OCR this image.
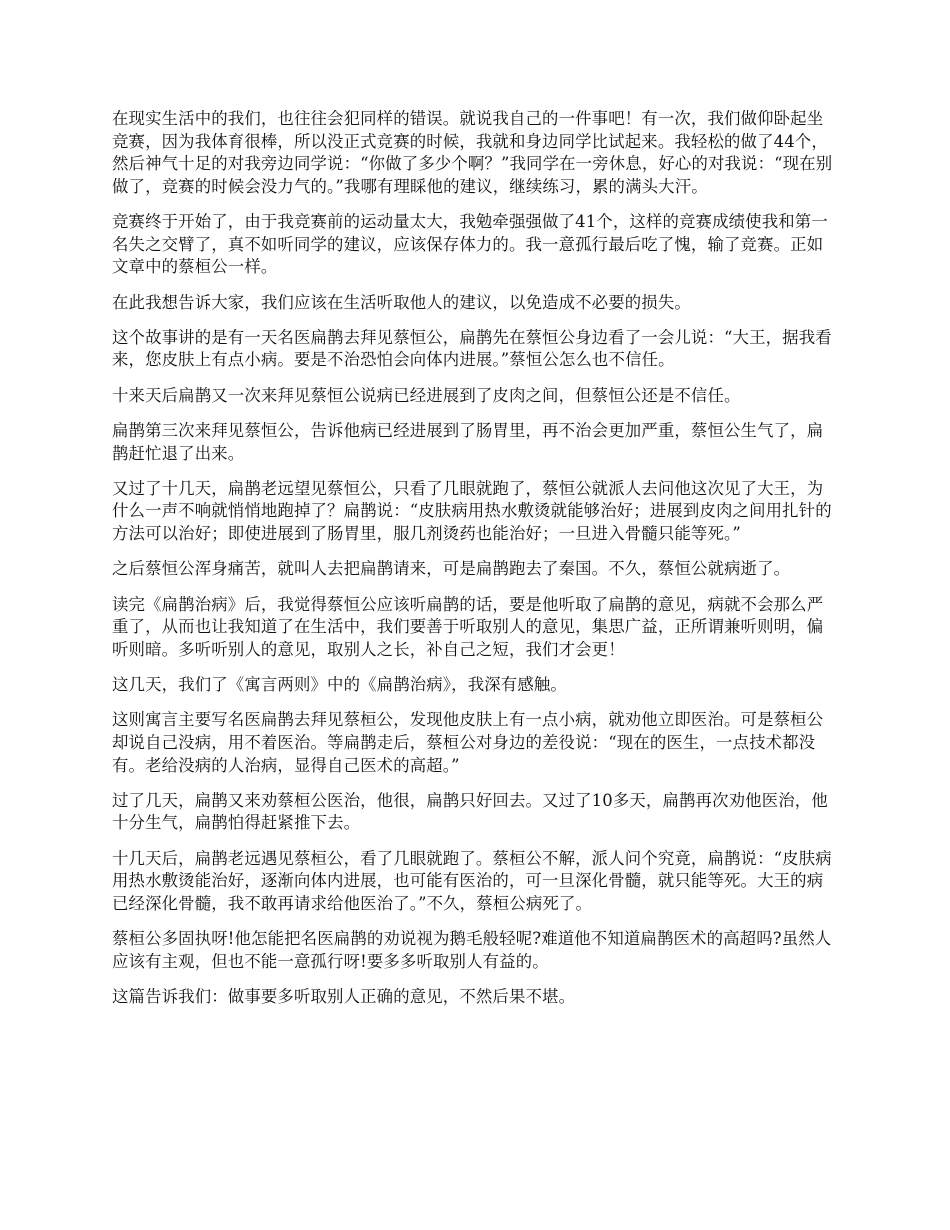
在现实生活中的我们，也往往会犯同样的错误。就说我自己的一件事吧！有一次，我们做仰卧起坐竞赛，因为我体育很棒，所以没正式竞赛的时候，我就和身边同学比试起来。我轻松的做了44个，然后神气十足的对我旁边同学说：“你做了多少个啊？”我同学在一旁休息，好心的对我说：“现在别做了，竞赛的时候会没力气的。”我哪有理睬他的建议，继续练习，累的满头大汗。

竞赛终于开始了，由于我竞赛前的运动量太大，我勉牵强强做了41个，这样的竞赛成绩使我和第一名失之交臂了，真不如听同学的建议，应该保存体力的。我一意孤行最后吃了愧，输了竞赛。正如文章中的蔡桓公一样。

在此我想告诉大家，我们应该在生活听取他人的建议，以免造成不必要的损失。

这个故事讲的是有一天名医扁鹊去拜见蔡恒公，扁鹊先在蔡恒公身边看了一会儿说：“大王，据我看来，您皮肤上有点小病。要是不治恐怕会向体内进展。”蔡恒公怎么也不信任。

十来天后扁鹊又一次来拜见蔡恒公说病已经进展到了皮肉之间，但蔡恒公还是不信任。

扁鹊第三次来拜见蔡恒公，告诉他病已经进展到了肠胃里，再不治会更加严重，蔡恒公生气了，扁鹊赶忙退了出来。

又过了十几天，扁鹊老远望见蔡恒公，只看了几眼就跑了，蔡恒公就派人去问他这次见了大王，为什么一声不响就悄悄地跑掉了？扁鹊说：“皮肤病用热水敷烫就能够治好；进展到皮肉之间用扎针的方法可以治好；即使进展到了肠胃里，服几剂烫药也能治好；一旦进入骨髓只能等死。”

之后蔡恒公浑身痛苦，就叫人去把扁鹊请来，可是扁鹊跑去了秦国。不久，蔡恒公就病逝了。

读完《扁鹊治病》后，我觉得蔡恒公应该听扁鹊的话，要是他听取了扁鹊的意见，病就不会那么严重了，从而也让我知道了在生活中，我们要善于听取别人的意见，集思广益，正所谓兼听则明，偏听则暗。多听听别人的意见，取别人之长，补自己之短，我们才会更！

这几天，我们了《寓言两则》中的《扁鹊治病》，我深有感触。

这则寓言主要写名医扁鹊去拜见蔡桓公，发现他皮肤上有一点小病，就劝他立即医治。可是蔡桓公却说自己没病，用不着医治。等扁鹊走后，蔡桓公对身边的差役说：“现在的医生，一点技术都没有。老给没病的人治病，显得自己医术的高超。”

过了几天，扁鹊又来劝蔡桓公医治，他很，扁鹊只好回去。又过了10多天，扁鹊再次劝他医治，他十分生气，扁鹊怕得赶紧推下去。

十几天后，扁鹊老远遇见蔡桓公，看了几眼就跑了。蔡桓公不解，派人问个究竟，扁鹊说：“皮肤病用热水敷烫能治好，逐渐向体内进展，也可能有医治的，可一旦深化骨髓，就只能等死。大王的病已经深化骨髓，我不敢再请求给他医治了。”不久，蔡桓公病死了。

蔡桓公多固执呀!他怎能把名医扁鹊的劝说视为鹅毛般轻呢?难道他不知道扁鹊医术的高超吗?虽然人应该有主观，但也不能一意孤行呀!要多多听取别人有益的。

这篇告诉我们：做事要多听取别人正确的意见，不然后果不堪。
